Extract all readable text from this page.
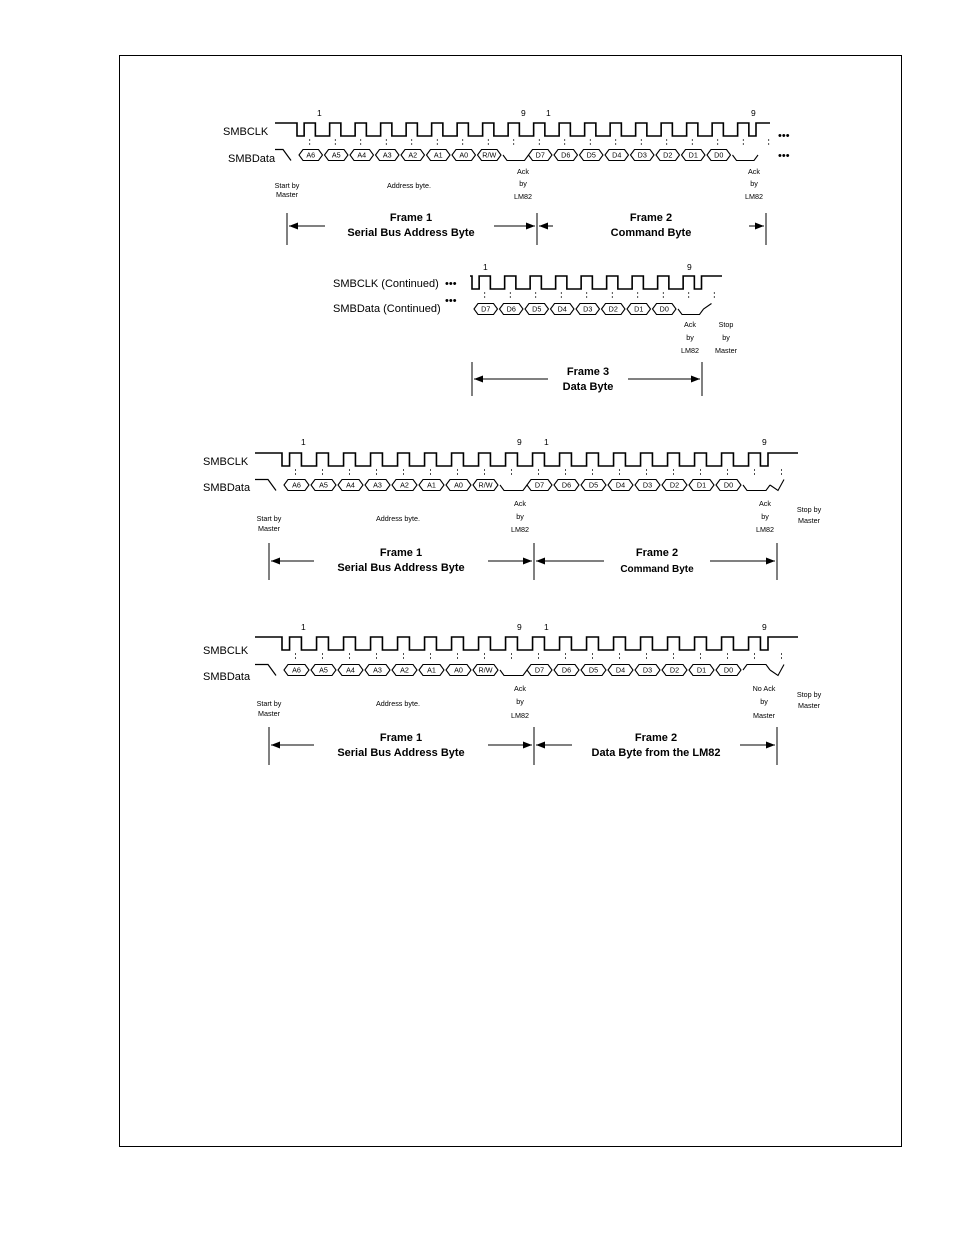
SMBCLK
SMBData	A6 A5 A4 A3 A2 A1 A0 R/W	D7 D6 D5 D4 D3 D2 D1 D0
1	9 1	9
•••
•••
Start by
Master
Address byte.
Ack
by
LM82
Ack
by
LM82
Frame 1
Serial Bus Address Byte
Frame 2
Command Byte
SMBCLK (Continued)
SMBData (Continued)
•••
•••
D7 D6 D5 D4 D3 D2 D1 D0
1	9
Ack
by
LM82
Stop
by
Master
Frame 3
Data Byte
SMBCLK
SMBData	A6	A5	A4	A3	A2	A1	A0 R/W	D7 D6 D5 D4 D3 D2 D1 D0
1	9	1	9
Start by
Master
Address byte.
Ack
by
LM82
Ack
by
LM82
Stop by
Master
Frame 1
Serial Bus Address Byte
Frame 2
Command Byte
SMBCLK
SMBData
A6	A5	A4	A3	A2	A1	A0 R/W	D7 D6 D5 D4 D3 D2 D1 D0
1	9	1	9
Start by
Master
Address byte.
Ack
by
LM82
No Ack
by
Master
Stop by
Master
Frame 1
Serial Bus Address Byte
Frame 2
Data Byte from the LM82
